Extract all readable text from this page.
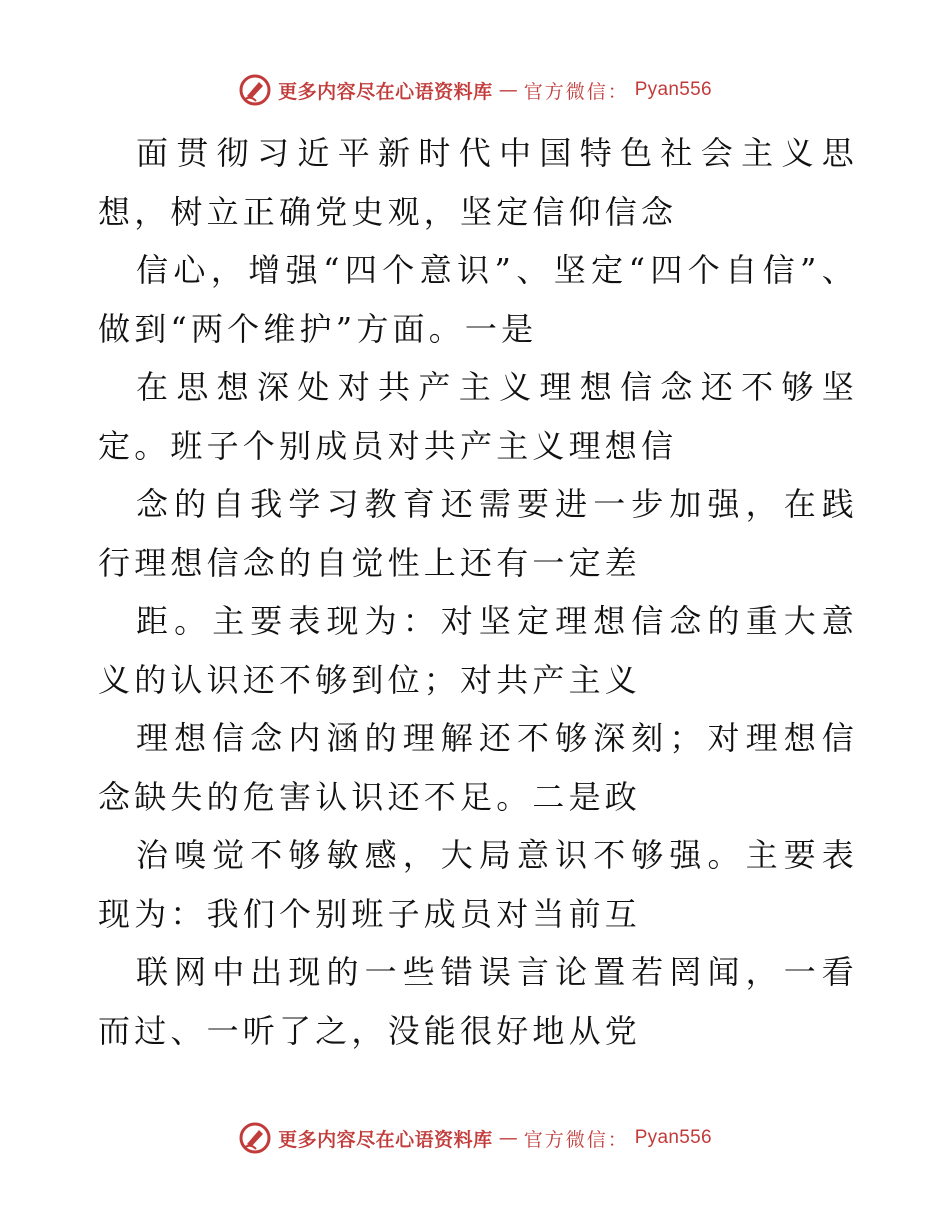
更多内容尽在心语资料库 — 官方微信： Pyan556

面贯彻习近平新时代中国特色社会主义思想，树立正确党史观，坚定信仰信念

信心，增强“四个意识”、坚定“四个自信”、做到“两个维护”方面。一是

在思想深处对共产主义理想信念还不够坚定。班子个别成员对共产主义理想信

念的自我学习教育还需要进一步加强，在践行理想信念的自觉性上还有一定差

距。主要表现为：对坚定理想信念的重大意义的认识还不够到位；对共产主义

理想信念内涵的理解还不够深刻；对理想信念缺失的危害认识还不足。二是政

治嗅觉不够敏感，大局意识不够强。主要表现为：我们个别班子成员对当前互

联网中出现的一些错误言论置若罔闻，一看而过、一听了之，没能很好地从党

更多内容尽在心语资料库 — 官方微信： Pyan556
